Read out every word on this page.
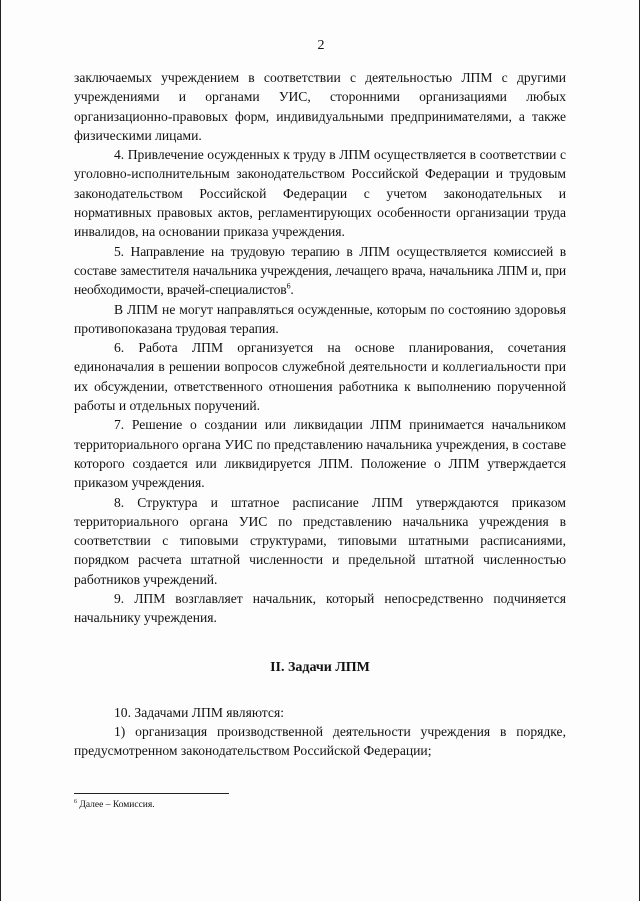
2

заключаемых учреждением в соответствии с деятельностью ЛПМ с другими учреждениями и органами УИС, сторонними организациями любых организационно-правовых форм, индивидуальными предпринимателями, а также физическими лицами.

4. Привлечение осужденных к труду в ЛПМ осуществляется в соответствии с уголовно-исполнительным законодательством Российской Федерации и трудовым законодательством Российской Федерации с учетом законодательных и нормативных правовых актов, регламентирующих особенности организации труда инвалидов, на основании приказа учреждения.

5. Направление на трудовую терапию в ЛПМ осуществляется комиссией в составе заместителя начальника учреждения, лечащего врача, начальника ЛПМ и, при необходимости, врачей-специалистов$^6$.

В ЛПМ не могут направляться осужденные, которым по состоянию здоровья противопоказана трудовая терапия.

6. Работа ЛПМ организуется на основе планирования, сочетания единоначалия в решении вопросов служебной деятельности и коллегиальности при их обсуждении, ответственного отношения работника к выполнению порученной работы и отдельных поручений.

7. Решение о создании или ликвидации ЛПМ принимается начальником территориального органа УИС по представлению начальника учреждения, в составе которого создается или ликвидируется ЛПМ. Положение о ЛПМ утверждается приказом учреждения.

8. Структура и штатное расписание ЛПМ утверждаются приказом территориального органа УИС по представлению начальника учреждения в соответствии с типовыми структурами, типовыми штатными расписаниями, порядком расчета штатной численности и предельной штатной численностью работников учреждений.

9. ЛПМ возглавляет начальник, который непосредственно подчиняется начальнику учреждения.

II. Задачи ЛПМ

10. Задачами ЛПМ являются:

1) организация производственной деятельности учреждения в порядке, предусмотренном законодательством Российской Федерации;

$^6$ Далее – Комиссия.
